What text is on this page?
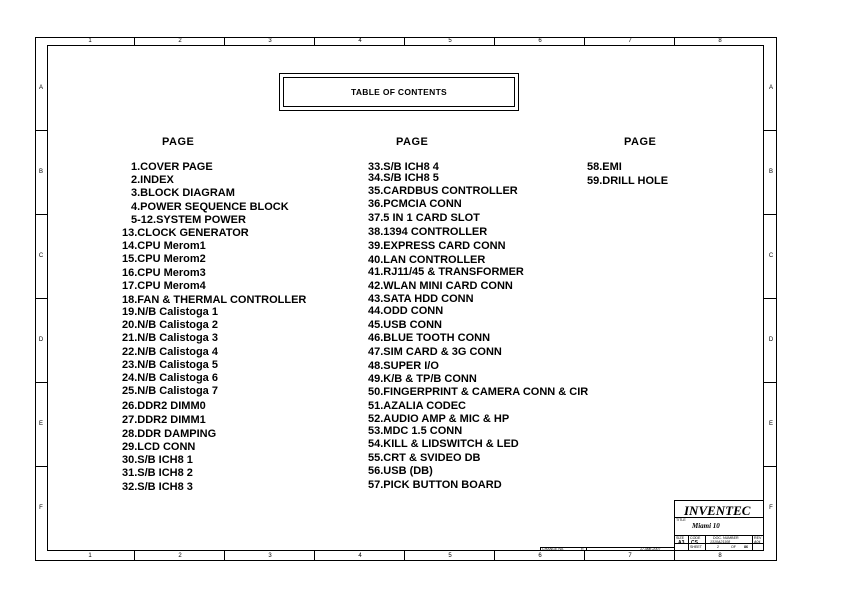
1	2	3	4	5	6	7	8
1	2	3	4	5	6	7	8
A
B
C
D
E
F
A
B
C
D
E
F
TABLE OF CONTENTS
PAGE	PAGE	PAGE
1.COVER PAGE
2.INDEX
3.BLOCK DIAGRAM
4.POWER SEQUENCE BLOCK
5-12.SYSTEM POWER
13.CLOCK GENERATOR
14.CPU Merom1
15.CPU Merom2
16.CPU Merom3
17.CPU Merom4
18.FAN & THERMAL CONTROLLER
19.N/B Calistoga 1
20.N/B Calistoga 2
21.N/B Calistoga 3
22.N/B Calistoga 4
23.N/B Calistoga 5
24.N/B Calistoga 6
25.N/B Calistoga 7
26.DDR2 DIMM0
27.DDR2 DIMM1
28.DDR DAMPING
29.LCD CONN
30.S/B ICH8 1
31.S/B ICH8 2
32.S/B ICH8 3
33.S/B ICH8 4
34.S/B ICH8 5
35.CARDBUS CONTROLLER
36.PCMCIA CONN
37.5 IN 1 CARD SLOT
38.1394 CONTROLLER
39.EXPRESS CARD CONN
40.LAN CONTROLLER
41.RJ11/45 & TRANSFORMER
42.WLAN MINI CARD CONN
43.SATA HDD CONN
44.ODD CONN
45.USB CONN
46.BLUE TOOTH CONN
47.SIM CARD & 3G CONN
48.SUPER I/O
49.K/B & TP/B CONN
50.FINGERPRINT & CAMERA CONN & CIR
51.AZALIA CODEC
52.AUDIO AMP & MIC & HP
53.MDC 1.5 CONN
54.KILL & LIDSWITCH & LED
55.CRT & SVIDEO DB
56.USB (DB)
57.PICK BUTTON BOARD
58.EMI
59.DRILL HOLE
INVENTEC
TITLE
Miami 10
SIZE
A3
CODE
CS
DOC. NUMBER
1310A21108
REV
A04
SHEET	2	OF 86
CHANGE No.	R	17-Mar-2007
